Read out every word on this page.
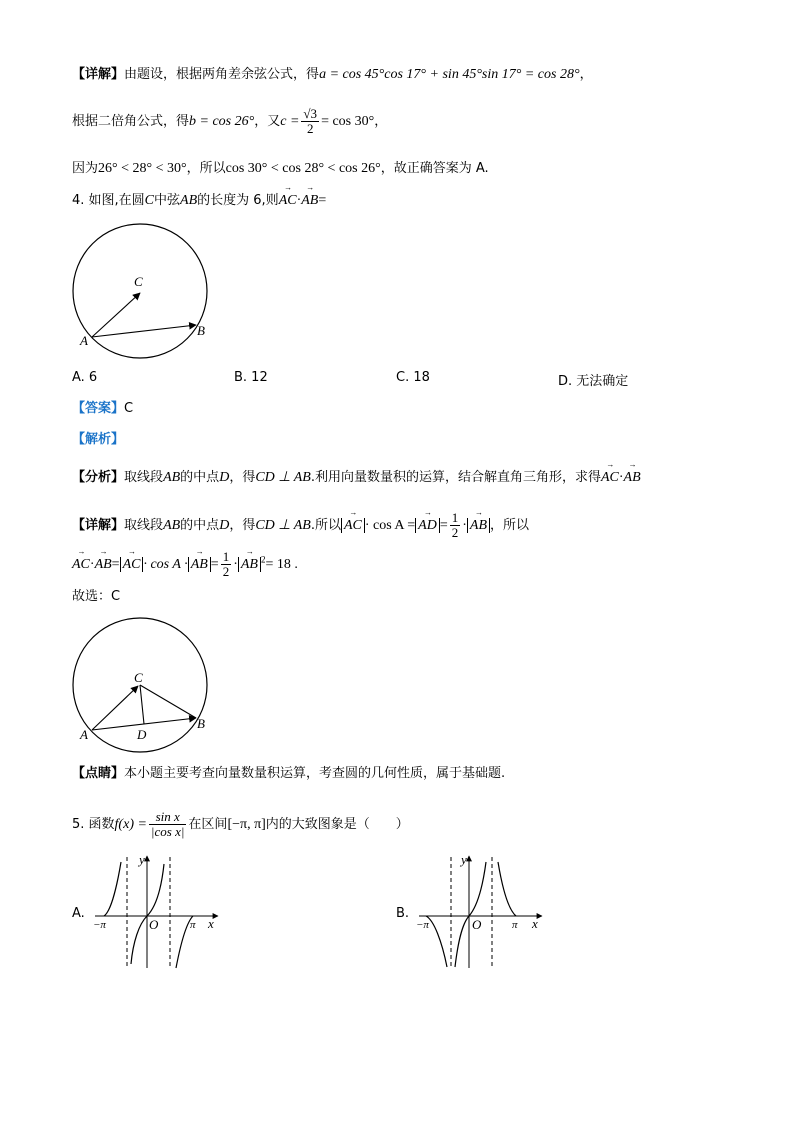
【详解】由题设，根据两角差余弦公式，得a = cos 45°cos 17° + sin 45°sin 17° = cos 28°，
根据二倍角公式，得b = cos 26°，又$c = \frac{√3}{2} = \cos 30^\circ$，
因为26° < 28° < 30°，所以cos 30° < cos 28° < cos 26°，故正确答案为 A.
4. 如图,在圆C中弦AB的长度为 6,则
→
AC·
→
AB=
C
A
B
A. 6	B. 12	C. 18	D. 无法确定
【答案】C
【解析】
【分析】取线段AB的中点D，得CD ⊥ AB.利用向量数量积的运算，结合解直角三角形，求得
→
AC·
→
AB
【详解】取线段AB的中点D，得CD ⊥ AB.所以
→
AC · cos A =
→
AD = $\frac{1}{2}$ ·
→
AB ，所以
→
AC·
→
AB=
→
AC · cos A ·
→
AB = $\frac{1}{2}$ ·
→
AB $^2$= 18 .
故选：C
C
A
B
D
【点睛】本小题主要考查向量数量积运算，考查圆的几何性质，属于基础题.
5. 函数$f(x) = \frac{\text{sin x}}{\text{|cos x|}}$ 在区间[−π, π]内的大致图象是（　　）
A.
y
x
O
−π	π
B.
y
x
O
−π	π
